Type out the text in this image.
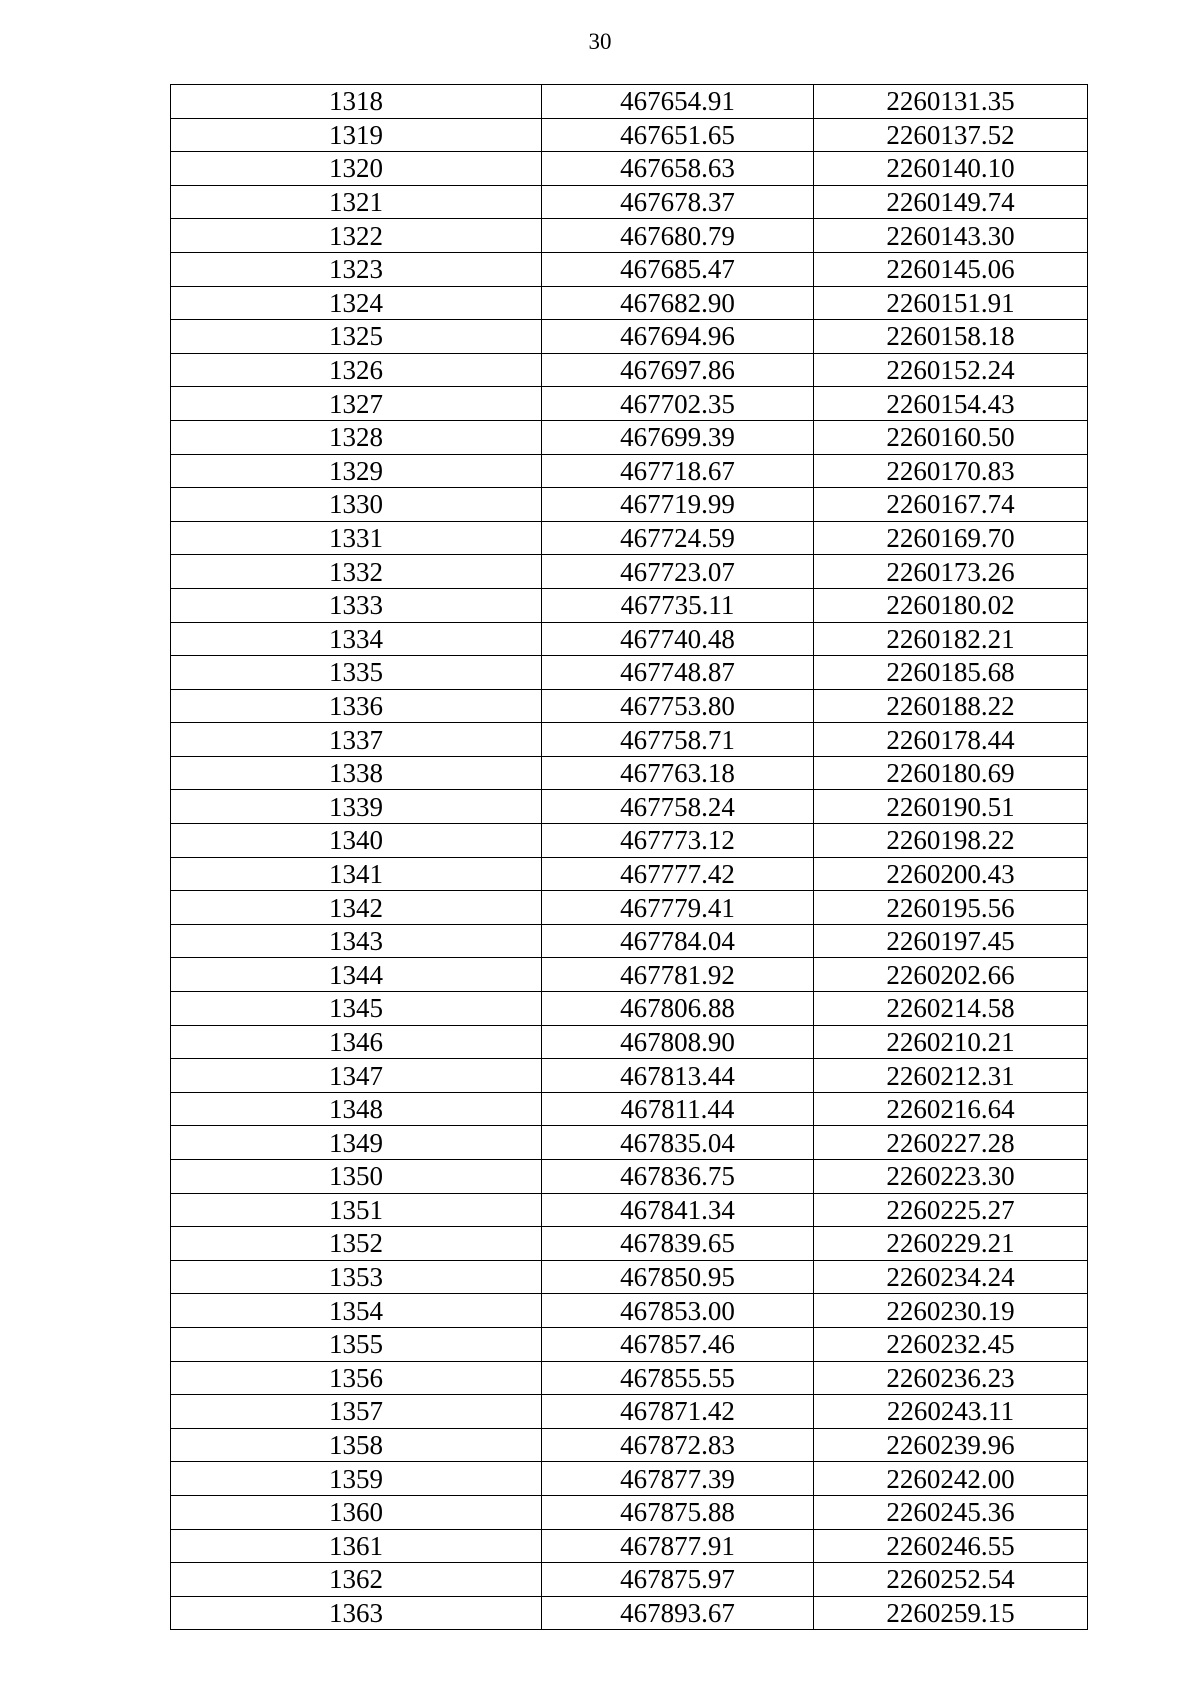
30
1318	467654.91	2260131.35
1319	467651.65	2260137.52
1320	467658.63	2260140.10
1321	467678.37	2260149.74
1322	467680.79	2260143.30
1323	467685.47	2260145.06
1324	467682.90	2260151.91
1325	467694.96	2260158.18
1326	467697.86	2260152.24
1327	467702.35	2260154.43
1328	467699.39	2260160.50
1329	467718.67	2260170.83
1330	467719.99	2260167.74
1331	467724.59	2260169.70
1332	467723.07	2260173.26
1333	467735.11	2260180.02
1334	467740.48	2260182.21
1335	467748.87	2260185.68
1336	467753.80	2260188.22
1337	467758.71	2260178.44
1338	467763.18	2260180.69
1339	467758.24	2260190.51
1340	467773.12	2260198.22
1341	467777.42	2260200.43
1342	467779.41	2260195.56
1343	467784.04	2260197.45
1344	467781.92	2260202.66
1345	467806.88	2260214.58
1346	467808.90	2260210.21
1347	467813.44	2260212.31
1348	467811.44	2260216.64
1349	467835.04	2260227.28
1350	467836.75	2260223.30
1351	467841.34	2260225.27
1352	467839.65	2260229.21
1353	467850.95	2260234.24
1354	467853.00	2260230.19
1355	467857.46	2260232.45
1356	467855.55	2260236.23
1357	467871.42	2260243.11
1358	467872.83	2260239.96
1359	467877.39	2260242.00
1360	467875.88	2260245.36
1361	467877.91	2260246.55
1362	467875.97	2260252.54
1363	467893.67	2260259.15
